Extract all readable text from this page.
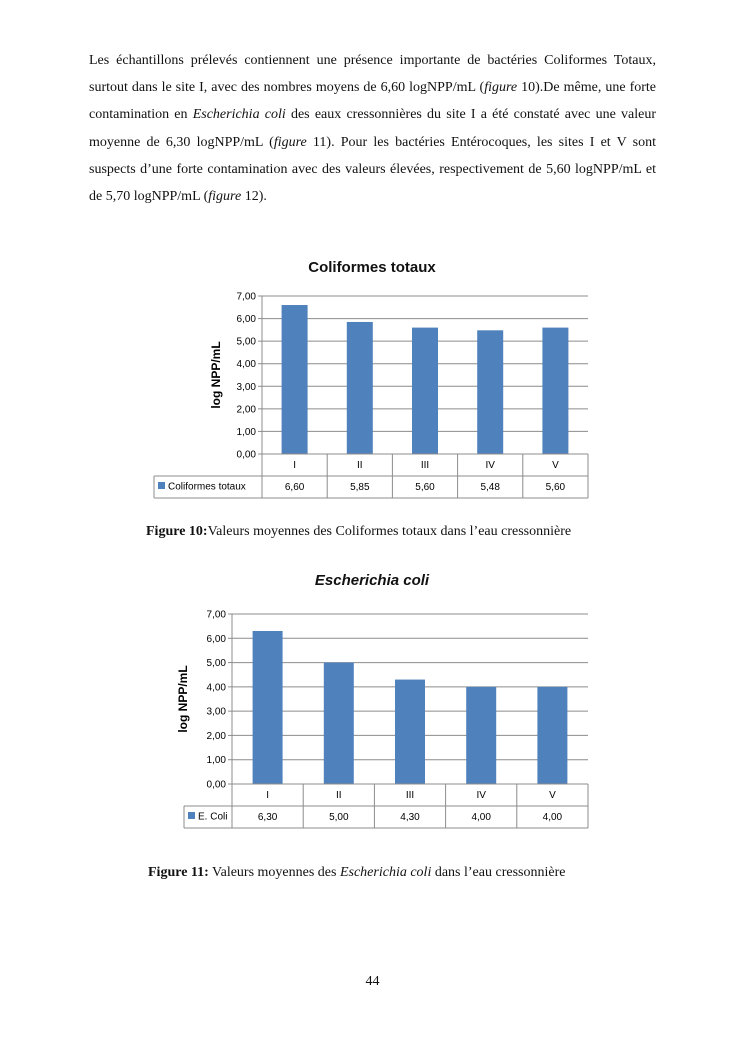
Les échantillons prélevés contiennent une présence importante de bactéries Coliformes Totaux, surtout dans le site I, avec des nombres moyens de 6,60 logNPP/mL (figure 10).De même, une forte contamination en Escherichia coli des eaux cressonnières du site I a été constaté avec une valeur moyenne de 6,30 logNPP/mL (figure 11). Pour les bactéries Entérocoques, les sites I et V sont suspects d’une forte contamination avec des valeurs élevées, respectivement de 5,60 logNPP/mL et de 5,70 logNPP/mL (figure 12).

Coliformes totaux
0,00
1,00
2,00
3,00
4,00
5,00
6,00
7,00
I
6,60
II
5,85
III
5,60
IV
5,48
V
5,60
Coliformes totaux
log NPP/mL
Figure 10:Valeurs moyennes des Coliformes totaux dans l’eau cressonnière
Escherichia coli
0,00
1,00
2,00
3,00
4,00
5,00
6,00
7,00
I
6,30
II
5,00
III
4,30
IV
4,00
V
4,00
E. Coli
log NPP/mL
Figure 11: Valeurs moyennes des Escherichia coli dans l’eau cressonnière
44
